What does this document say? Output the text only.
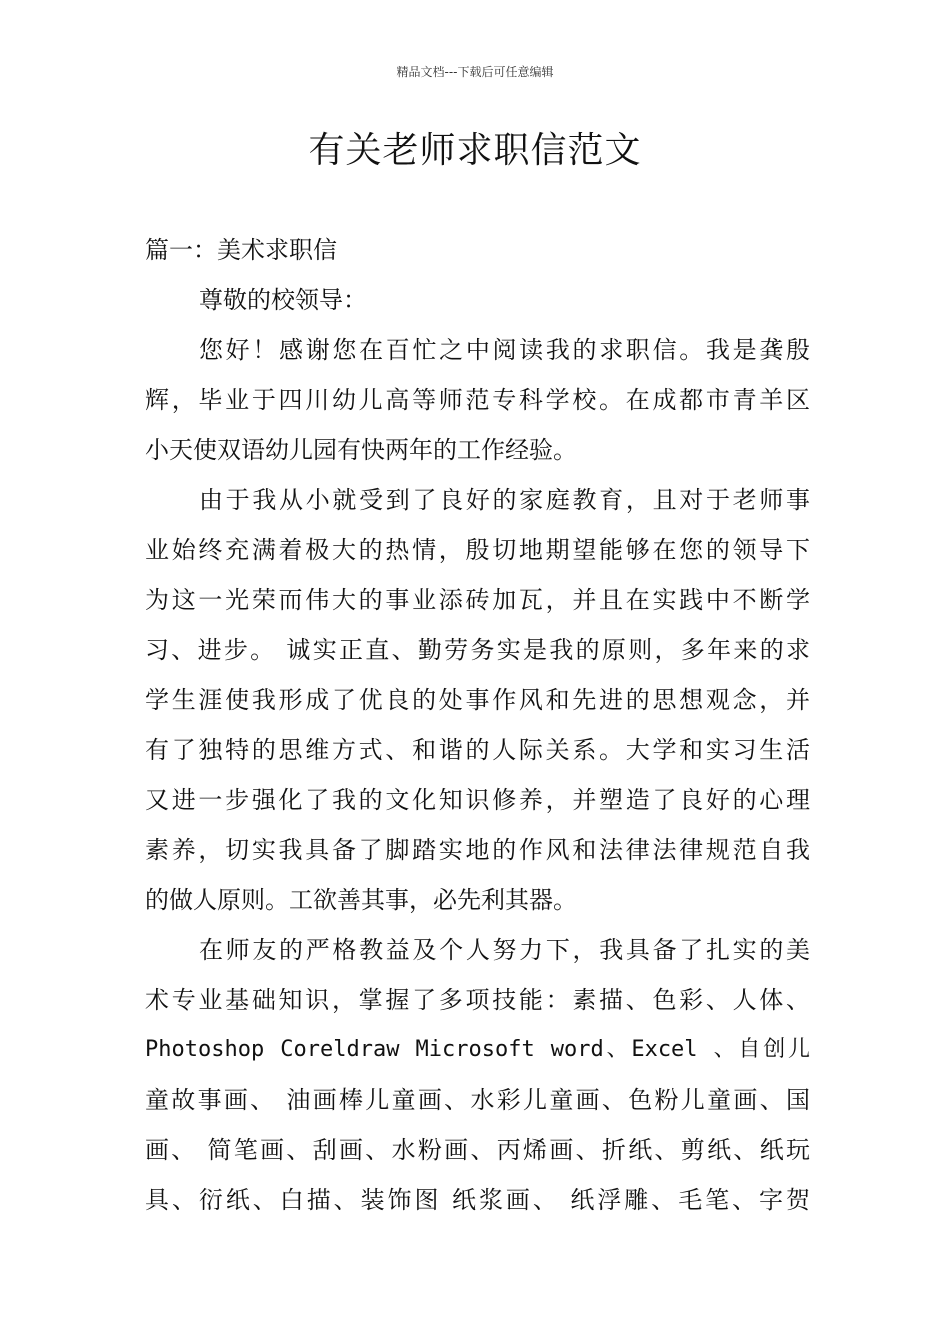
精品文档---下载后可任意编辑
有关老师求职信范文
篇一：美术求职信
尊敬的校领导：
您好！感谢您在百忙之中阅读我的求职信。我是龚殷
辉，毕业于四川幼儿高等师范专科学校。在成都市青羊区
小天使双语幼儿园有快两年的工作经验。
由于我从小就受到了良好的家庭教育，且对于老师事
业始终充满着极大的热情，殷切地期望能够在您的领导下
为这一光荣而伟大的事业添砖加瓦，并且在实践中不断学
习、进步。 诚实正直、勤劳务实是我的原则，多年来的求
学生涯使我形成了优良的处事作风和先进的思想观念，并
有了独特的思维方式、和谐的人际关系。大学和实习生活
又进一步强化了我的文化知识修养，并塑造了良好的心理
素养，切实我具备了脚踏实地的作风和法律法律规范自我
的做人原则。工欲善其事，必先利其器。
在师友的严格教益及个人努力下，我具备了扎实的美
术专业基础知识，掌握了多项技能：素描、色彩、人体、
Photoshop Coreldraw Microsoft word、Excel 、自创儿
童故事画、 油画棒儿童画、水彩儿童画、色粉儿童画、国
画、 简笔画、刮画、水粉画、丙烯画、折纸、剪纸、纸玩
具、衍纸、白描、装饰图 纸浆画、 纸浮雕、毛笔、字贺
